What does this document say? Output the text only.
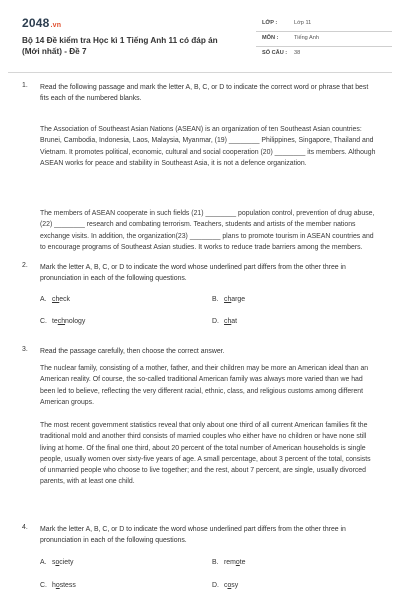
2048.vn
Bộ 14 Đề kiểm tra Học kì 1 Tiếng Anh 11 có đáp án (Mới nhất) - Đề 7
LỚP :	Lớp 11
MÔN :	Tiếng Anh
SỐ CÂU : 38
1. Read the following passage and mark the letter A, B, C, or D to indicate the correct word or phrase that best fits each of the numbered blanks.
The Association of Southeast Asian Nations (ASEAN) is an organization of ten Southeast Asian countries: Brunei, Cambodia, Indonesia, Laos, Malaysia, Myanmar, (19) ________ Philippines, Singapore, Thailand and Vietnam. It promotes political, economic, cultural and social cooperation (20) ________ its members. Although ASEAN works for peace and stability in Southeast Asia, it is not a defence organization.
The members of ASEAN cooperate in such fields (21) ________ population control, prevention of drug abuse, (22) ________ research and combating terrorism. Teachers, students and artists of the member nations exchange visits. In addition, the organization(23) ________ plans to promote tourism in ASEAN countries and to encourage programs of Southeast Asian studies. It works to reduce trade barriers among the members.
2. Mark the letter A, B, C, or D to indicate the word whose underlined part differs from the other three in pronunciation in each of the following questions.
A. check	B. charge
C. technology	D. chat
3. Read the passage carefully, then choose the correct answer.
The nuclear family, consisting of a mother, father, and their children may be more an American ideal than an American reality. Of course, the so-called traditional American family was always more varied than we had been led to believe, reflecting the very different racial, ethnic, class, and religious customs among different American groups.
The most recent government statistics reveal that only about one third of all current American families fit the traditional mold and another third consists of married couples who either have no children or have none still living at home. Of the final one third, about 20 percent of the total number of American households is single people, usually women over sixty-five years of age. A small percentage, about 3 percent of the total, consists of unmarried people who choose to live together; and the rest, about 7 percent, are single, usually divorced parents, with at least one child.
4. Mark the letter A, B, C, or D to indicate the word whose underlined part differs from the other three in pronunciation in each of the following questions.
A. society	B. remote
C. hostess	D. cosy
